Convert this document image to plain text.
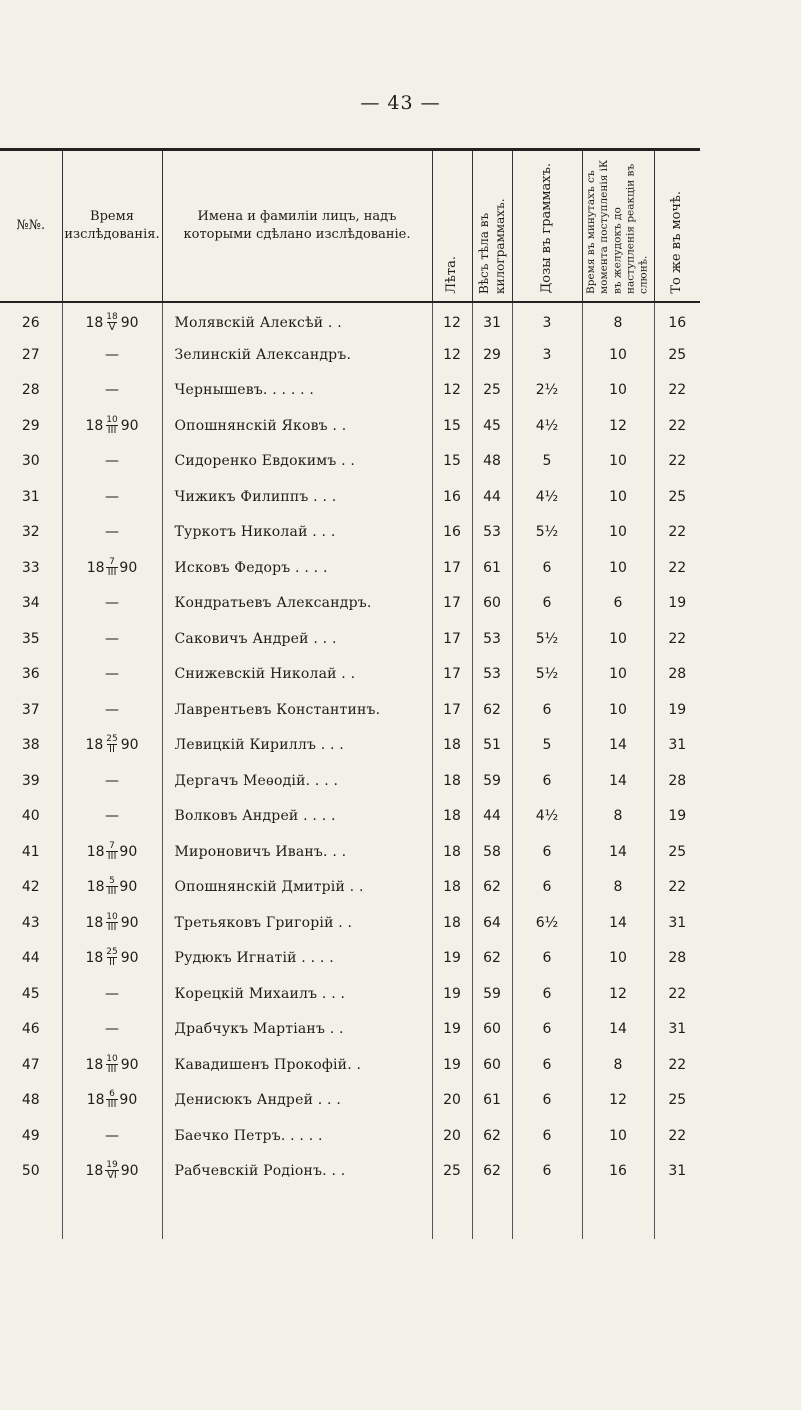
— 43 —
№№.	Время изслѣдованія.	Имена и фамиліи лицъ, надъ которыми сдѣлано изслѣдованіе.	Лѣта.	Вѣсъ тѣла въ килограммахъ.	Дозы въ граммахъ.	Время въ минутахъ съ момента поступленія іК въ желудокъ до наступленія реакціи въ слюнѣ.	То же въ мочѣ.

26	$18 \frac{18}{V} 90$	Молявскій Алексѣй . .	12	31	3	8	16
27	—	Зелинскій Александръ.	12	29	3	10	25
28	—	Чернышевъ. . . . . .	12	25	2½	10	22
29	$18 \frac{10}{\text{III}} 90$	Опошнянскій Яковъ . .	15	45	4½	12	22
30	—	Сидоренко Евдокимъ . .	15	48	5	10	22
31	—	Чижикъ Филиппъ . . .	16	44	4½	10	25
32	—	Туркотъ Николай . . .	16	53	5½	10	22
33	$18 \frac{7}{\text{III}} 90$	Исковъ Федоръ . . . .	17	61	6	10	22
34	—	Кондратьевъ Александръ.	17	60	6	6	19
35	—	Саковичъ Андрей . . .	17	53	5½	10	22
36	—	Снижевскій Николай . .	17	53	5½	10	28
37	—	Лаврентьевъ Константинъ.	17	62	6	10	19
38	$18 \frac{25}{II} 90$	Левицкій Кириллъ . . .	18	51	5	14	31
39	—	Дергачъ Меѳодій. . . .	18	59	6	14	28
40	—	Волковъ Андрей . . . .	18	44	4½	8	19
41	$18 \frac{7}{\text{III}} 90$	Мироновичъ Иванъ. . .	18	58	6	14	25
42	$18 \frac{5}{\text{III}} 90$	Опошнянскій Дмитрій . .	18	62	6	8	22
43	$18 \frac{10}{\text{III}} 90$	Третьяковъ Григорій . .	18	64	6½	14	31
44	$18 \frac{25}{II} 90$	Рудюкъ Игнатій . . . .	19	62	6	10	28
45	—	Корецкій Михаилъ . . .	19	59	6	12	22
46	—	Драбчукъ Мартіанъ . .	19	60	6	14	31
47	$18 \frac{10}{\text{III}} 90$	Кавадишенъ Прокофій. .	19	60	6	8	22
48	$18 \frac{6}{\text{III}} 90$	Денисюкъ Андрей . . .	20	61	6	12	25
49	—	Баечко Петръ. . . . .	20	62	6	10	22
50	$18 \frac{19}{VI} 90$	Рабчевскій Родіонъ. . .	25	62	6	16	31
